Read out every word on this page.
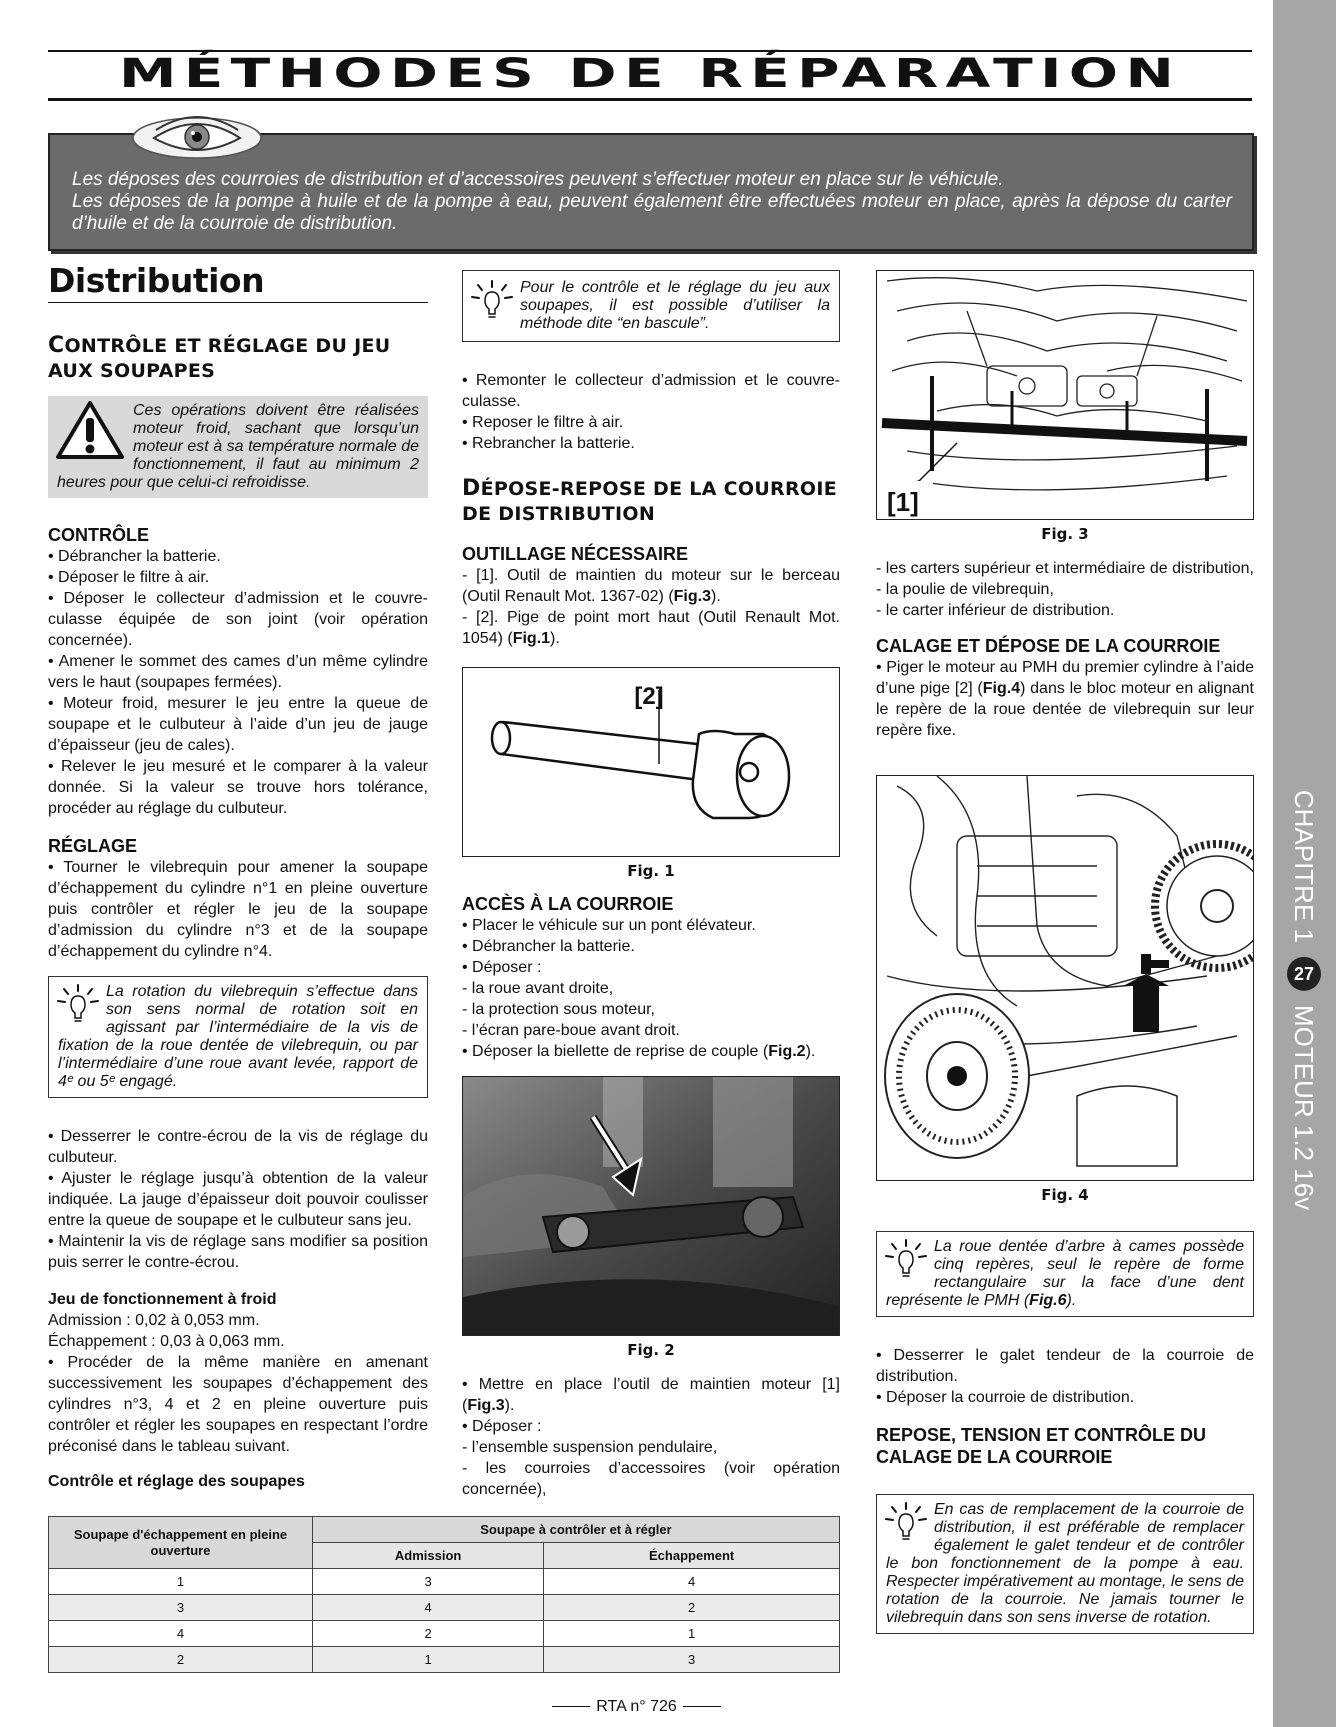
MÉTHODES DE RÉPARATION
CHAPITRE 1
27
MOTEUR 1.2 16v

Les déposes des courroies de distribution et d’accessoires peuvent s’effectuer moteur en place sur le véhicule.

Les déposes de la pompe à huile et de la pompe à eau, peuvent également être effectuées moteur en place, après la dépose du carter d’huile et de la courroie de distribution.

Distribution
CONTRÔLE ET RÉGLAGE DU JEU AUX SOUPAPES
Ces opérations doivent être réalisées moteur froid, sachant que lorsqu’un moteur est à sa température normale de fonctionnement, il faut au minimum 2 heures pour que celui-ci refroidisse.
CONTRÔLE

• Débrancher la batterie.

• Déposer le filtre à air.

• Déposer le collecteur d’admission et le couvre-culasse équipée de son joint (voir opération concernée).

• Amener le sommet des cames d’un même cylindre vers le haut (soupapes fermées).

• Moteur froid, mesurer le jeu entre la queue de soupape et le culbuteur à l’aide d’un jeu de jauge d’épaisseur (jeu de cales).

• Relever le jeu mesuré et le comparer à la valeur donnée. Si la valeur se trouve hors tolérance, procéder au réglage du culbuteur.

RÉGLAGE

• Tourner le vilebrequin pour amener la soupape d’échappement du cylindre n°1 en pleine ouverture puis contrôler et régler le jeu de la soupape d’admission du cylindre n°3 et de la soupape d’échappement du cylindre n°4.

La rotation du vilebrequin s’effectue dans son sens normal de rotation soit en agissant par l’intermédiaire de la vis de fixation de la roue dentée de vilebrequin, ou par l’intermédiaire d’une roue avant levée, rapport de 4ᵉ ou 5ᵉ engagé.

• Desserrer le contre-écrou de la vis de réglage du culbuteur.

• Ajuster le réglage jusqu’à obtention de la valeur indiquée. La jauge d’épaisseur doit pouvoir coulisser entre la queue de soupape et le culbuteur sans jeu.

• Maintenir la vis de réglage sans modifier sa position puis serrer le contre-écrou.

Jeu de fonctionnement à froid

Admission : 0,02 à 0,053 mm.

Échappement : 0,03 à 0,063 mm.

• Procéder de la même manière en amenant successivement les soupapes d’échappement des cylindres n°3, 4 et 2 en pleine ouverture puis contrôler et régler les soupapes en respectant l’ordre préconisé dans le tableau suivant.

Contrôle et réglage des soupapes
Soupape d'échappement en pleine ouverture	Soupape à contrôler et à régler	
	Admission	Échappement
1	3	4
3	4	2
4	2	1
2	1	3
Pour le contrôle et le réglage du jeu aux soupapes, il est possible d’utiliser la méthode dite “en bascule”.

• Remonter le collecteur d’admission et le couvre-culasse.

• Reposer le filtre à air.

• Rebrancher la batterie.

DÉPOSE-REPOSE DE LA COURROIE DE DISTRIBUTION
OUTILLAGE NÉCESSAIRE

- [1]. Outil de maintien du moteur sur le berceau (Outil Renault Mot. 1367-02) (Fig.3).

- [2]. Pige de point mort haut (Outil Renault Mot. 1054) (Fig.1).

[2]
Fig. 1
ACCÈS À LA COURROIE

• Placer le véhicule sur un pont élévateur.

• Débrancher la batterie.

• Déposer :

- la roue avant droite,

- la protection sous moteur,

- l’écran pare-boue avant droit.

• Déposer la biellette de reprise de couple (Fig.2).

Fig. 2

• Mettre en place l’outil de maintien moteur [1] (Fig.3).

• Déposer :

- l’ensemble suspension pendulaire,

- les courroies d’accessoires (voir opération concernée),

[1]
Fig. 3

- les carters supérieur et intermédiaire de distribution,

- la poulie de vilebrequin,

- le carter inférieur de distribution.

CALAGE ET DÉPOSE DE LA COURROIE

• Piger le moteur au PMH du premier cylindre à l’aide d’une pige [2] (Fig.4) dans le bloc moteur en alignant le repère de la roue dentée de vilebrequin sur leur repère fixe.

Fig. 4
La roue dentée d’arbre à cames possède cinq repères, seul le repère de forme rectangulaire sur la face d’une dent représente le PMH (Fig.6).

• Desserrer le galet tendeur de la courroie de distribution.

• Déposer la courroie de distribution.

REPOSE, TENSION ET CONTRÔLE DU CALAGE DE LA COURROIE
En cas de remplacement de la courroie de distribution, il est préférable de remplacer également le galet tendeur et de contrôler le bon fonctionnement de la pompe à eau. Respecter impérativement au montage, le sens de rotation de la courroie. Ne jamais tourner le vilebrequin dans son sens inverse de rotation.
RTA n° 726
